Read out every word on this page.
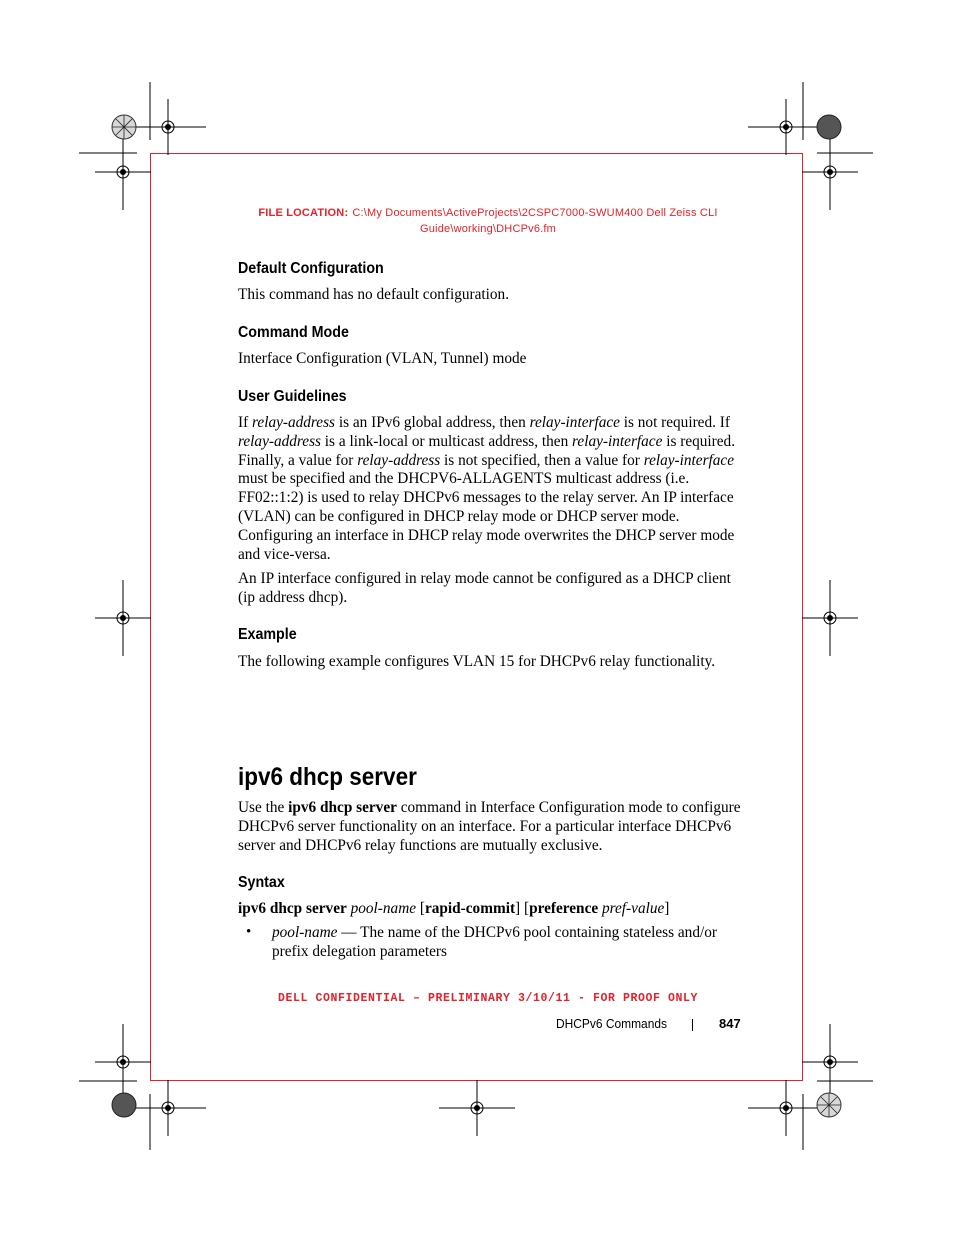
FILE LOCATION: C:\My Documents\ActiveProjects\2CSPC7000-SWUM400 Dell Zeiss CLI
Guide\working\DHCPv6.fm
Default Configuration

This command has no default configuration.

Command Mode

Interface Configuration (VLAN, Tunnel) mode

User Guidelines

If relay-address is an IPv6 global address, then relay-interface is not required. If relay-address is a link-local or multicast address, then relay-interface is required. Finally, a value for relay-address is not specified, then a value for relay-interface must be specified and the DHCPV6-ALLAGENTS multicast address (i.e. FF02::1:2) is used to relay DHCPv6 messages to the relay server. An IP interface (VLAN) can be configured in DHCP relay mode or DHCP server mode. Configuring an interface in DHCP relay mode overwrites the DHCP server mode and vice-versa.

An IP interface configured in relay mode cannot be configured as a DHCP client (ip address dhcp).

Example

The following example configures VLAN 15 for DHCPv6 relay functionality.

ipv6 dhcp server

Use the ipv6 dhcp server command in Interface Configuration mode to configure DHCPv6 server functionality on an interface. For a particular interface DHCPv6 server and DHCPv6 relay functions are mutually exclusive.

Syntax

ipv6 dhcp server pool-name [rapid-commit] [preference pref-value]

• pool-name — The name of the DHCPv6 pool containing stateless and/or prefix delegation parameters

DELL CONFIDENTIAL – PRELIMINARY 3/10/11 - FOR PROOF ONLY
DHCPv6 Commands	847
